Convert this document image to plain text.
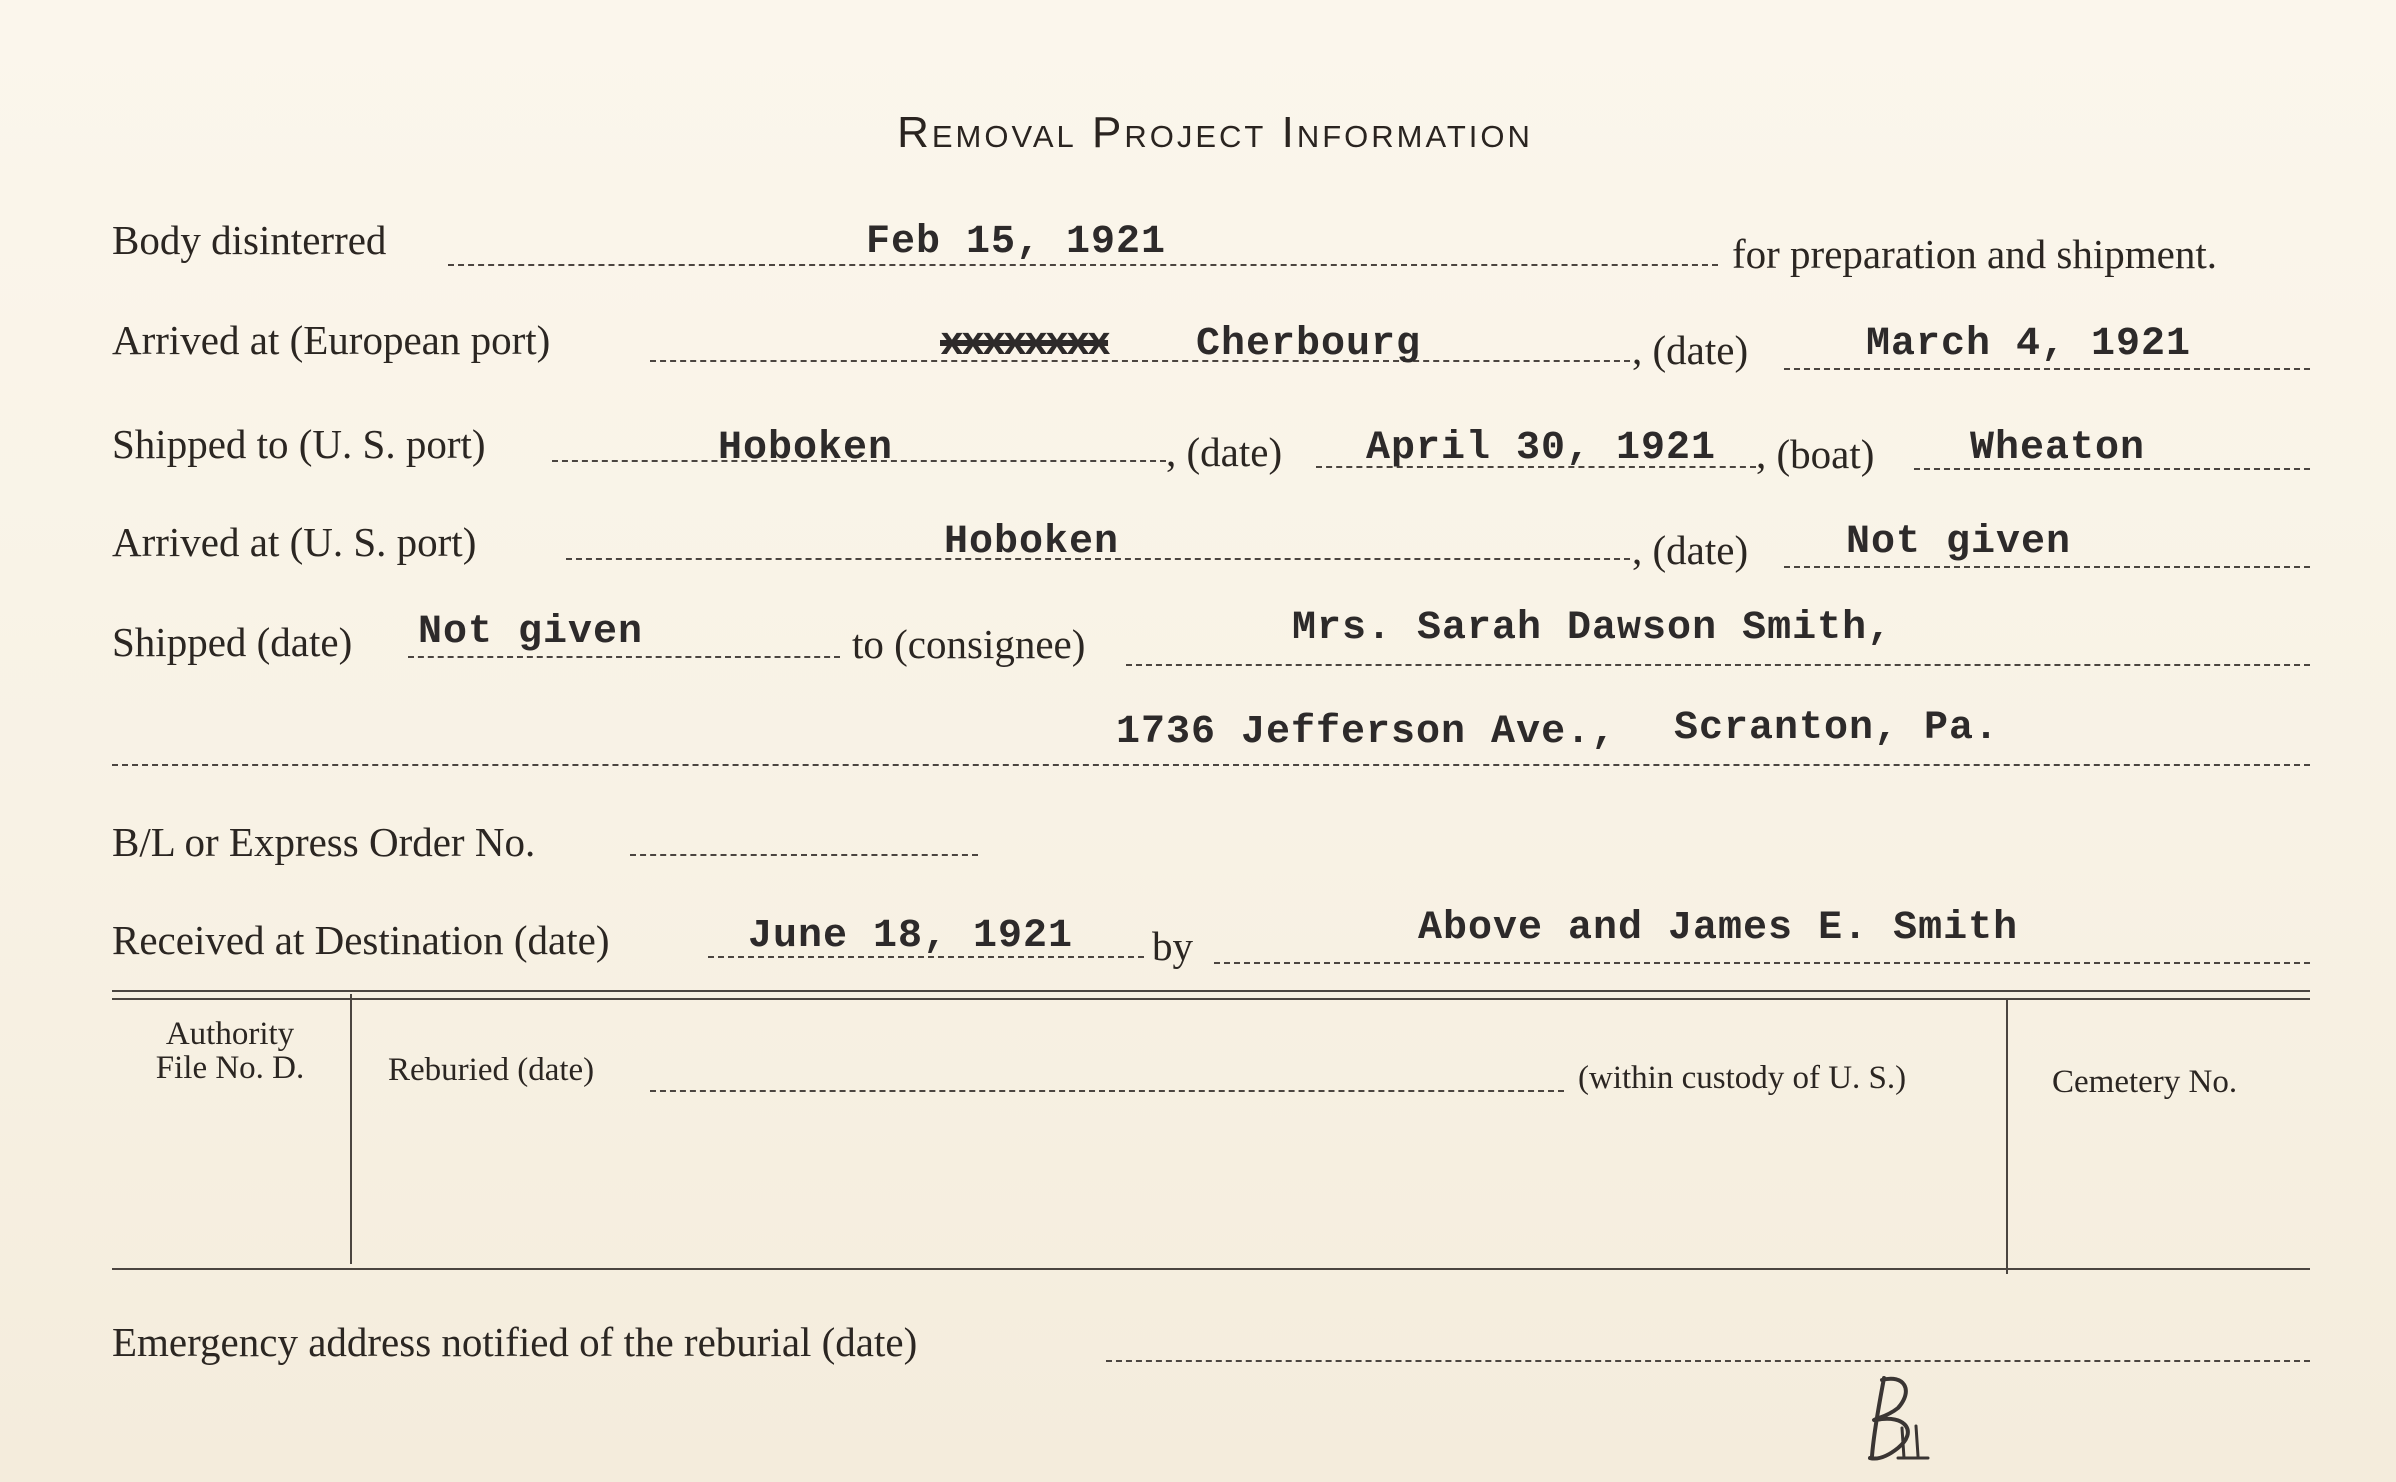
Removal Project Information
Body disinterred	Feb 15, 1921	for preparation and shipment.
Arrived at (European port)	xxxxxxxx Cherbourg	, (date)	March 4, 1921
Shipped to (U. S. port)	Hoboken	, (date) April 30, 1921 , (boat) Wheaton
Arrived at (U. S. port)	Hoboken	, (date) Not given
Shipped (date) Not given	to (consignee)	Mrs. Sarah Dawson Smith,
1736 Jefferson Ave., Scranton, Pa.
B/L or Express Order No.
Received at Destination (date)	June 18, 1921 by	Above and James E. Smith
Authority
File No. D.	Reburied (date)	(within custody of U. S.)	Cemetery No.
Emergency address notified of the reburial (date)
